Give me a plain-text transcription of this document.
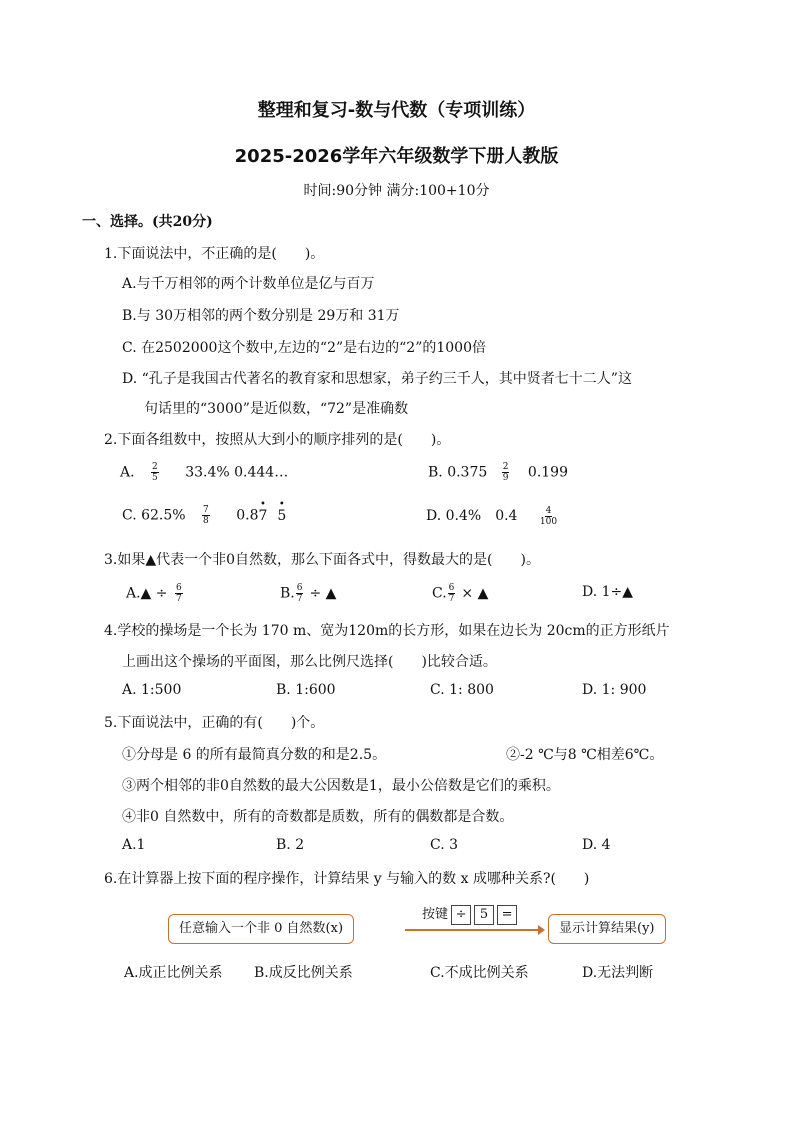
整理和复习-数与代数（专项训练）
2025-2026学年六年级数学下册人教版
时间:90分钟 满分:100+10分
一、选择。(共20分)
1.下面说法中，不正确的是(　　)。
A.与千万相邻的两个计数单位是亿与百万
B.与 30万相邻的两个数分别是 29万和 31万
C. 在2502000这个数中,左边的“2”是右边的“2”的1000倍
D. “孔子是我国古代著名的教育家和思想家，弟子约三千人，其中贤者七十二人”这
句话里的“3000”是近似数，“72”是准确数
2.下面各组数中，按照从大到小的顺序排列的是(　　)。
A. $\frac{2}{5} 33.4\%$ 0.444…	B. $0.375 \frac{2}{9} 0.199$
C. $62.5\% \frac{7}{8}$ 0.8• 7• 5	D. 0.4%　$0.4 \frac{4}{100}$
3.如果▲代表一个非0自然数，那么下面各式中，得数最大的是(　　)。
A.▲ ÷ $\frac{6}{7}$	B. $\frac{6}{7}$ ÷ ▲	C. $\frac{6}{7}$ × ▲	D. 1÷▲
4.学校的操场是一个长为 170 m、宽为120m的长方形，如果在边长为 20cm的正方形纸片
上画出这个操场的平面图，那么比例尺选择(　　)比较合适。
A. 1:500	B. 1:600	C. 1: 800	D. 1: 900
5.下面说法中，正确的有(　　)个。
①分母是 6 的所有最简真分数的和是2.5。	②-2 ℃与8 ℃相差6℃。
③两个相邻的非0自然数的最大公因数是1，最小公倍数是它们的乘积。
④非0 自然数中，所有的奇数都是质数，所有的偶数都是合数。
A.1	B. 2	C. 3	D. 4
6.在计算器上按下面的程序操作，计算结果 y 与输入的数 x 成哪种关系?(　　)
任意输入一个非 0 自然数(x)
按键 ÷ 5 =
显示计算结果(y)
A.成正比例关系 B.成反比例关系	C.不成比例关系	D.无法判断
